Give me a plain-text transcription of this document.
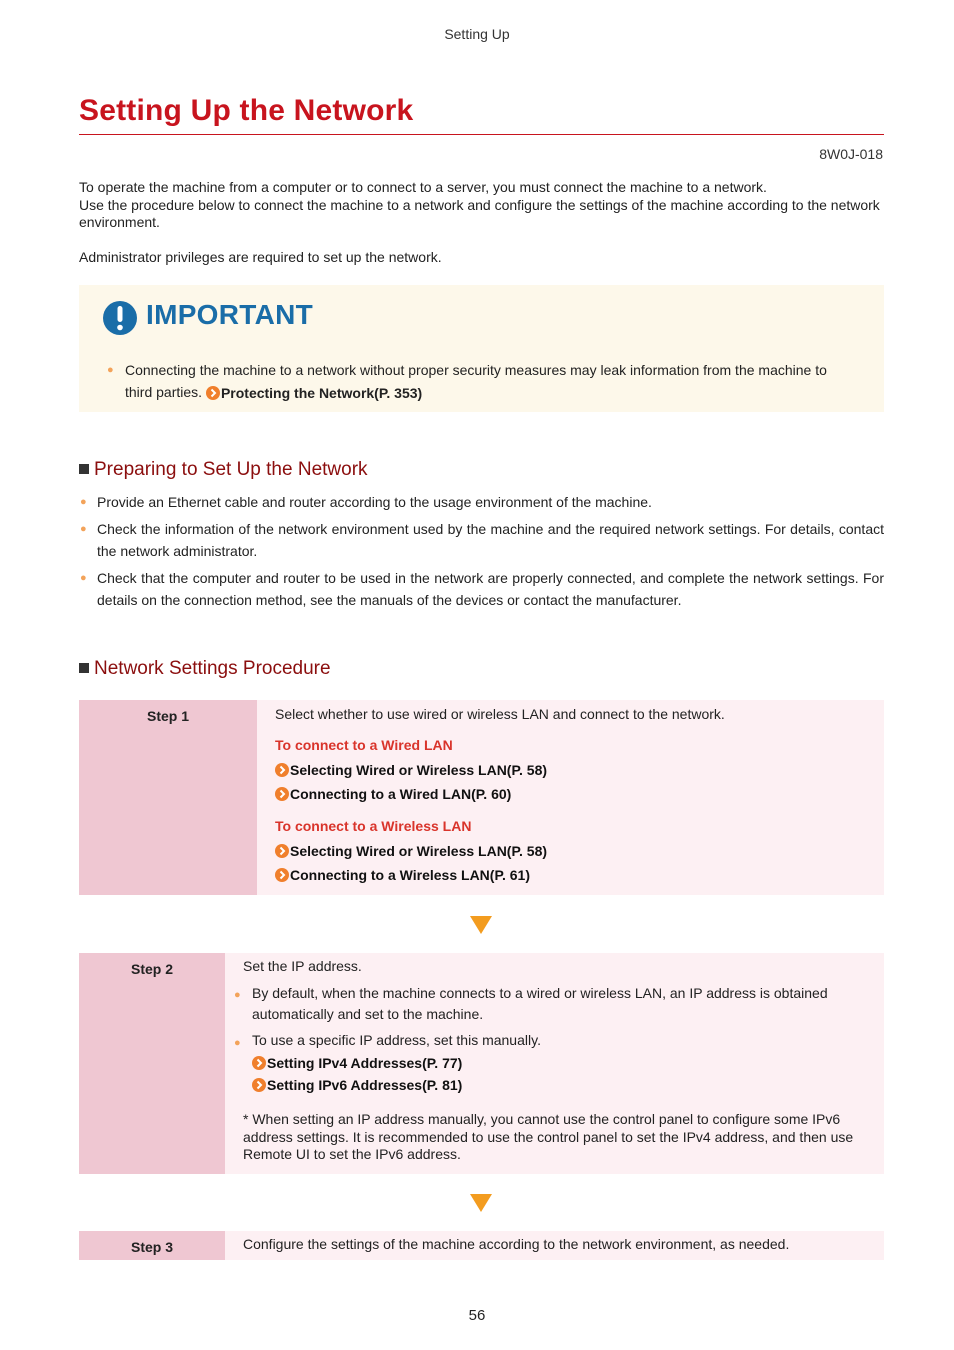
Setting Up
Setting Up the Network
8W0J-018

To operate the machine from a computer or to connect to a server, you must connect the machine to a network.

Use the procedure below to connect the machine to a network and configure the settings of the machine according to the network environment.

Administrator privileges are required to set up the network.
IMPORTANT
● Connecting the machine to a network without proper security measures may leak information from the machine to third parties. Protecting the Network(P. 353)
Preparing to Set Up the Network
● Provide an Ethernet cable and router according to the usage environment of the machine.
● Check the information of the network environment used by the machine and the required network settings. For details, contact the network administrator.
● Check that the computer and router to be used in the network are properly connected, and complete the network settings. For details on the connection method, see the manuals of the devices or contact the manufacturer.
Network Settings Procedure
Step 1	Select whether to use wired or wireless LAN and connect to the network.
To connect to a Wired LAN
Selecting Wired or Wireless LAN(P. 58)
Connecting to a Wired LAN(P. 60)
To connect to a Wireless LAN
Selecting Wired or Wireless LAN(P. 58)
Connecting to a Wireless LAN(P. 61)
Step 2	Set the IP address.
● By default, when the machine connects to a wired or wireless LAN, an IP address is obtained automatically and set to the machine.
● To use a specific IP address, set this manually.
Setting IPv4 Addresses(P. 77)
Setting IPv6 Addresses(P. 81)
* When setting an IP address manually, you cannot use the control panel to configure some IPv6 address settings. It is recommended to use the control panel to set the IPv4 address, and then use Remote UI to set the IPv6 address.
Step 3	Configure the settings of the machine according to the network environment, as needed.
56
